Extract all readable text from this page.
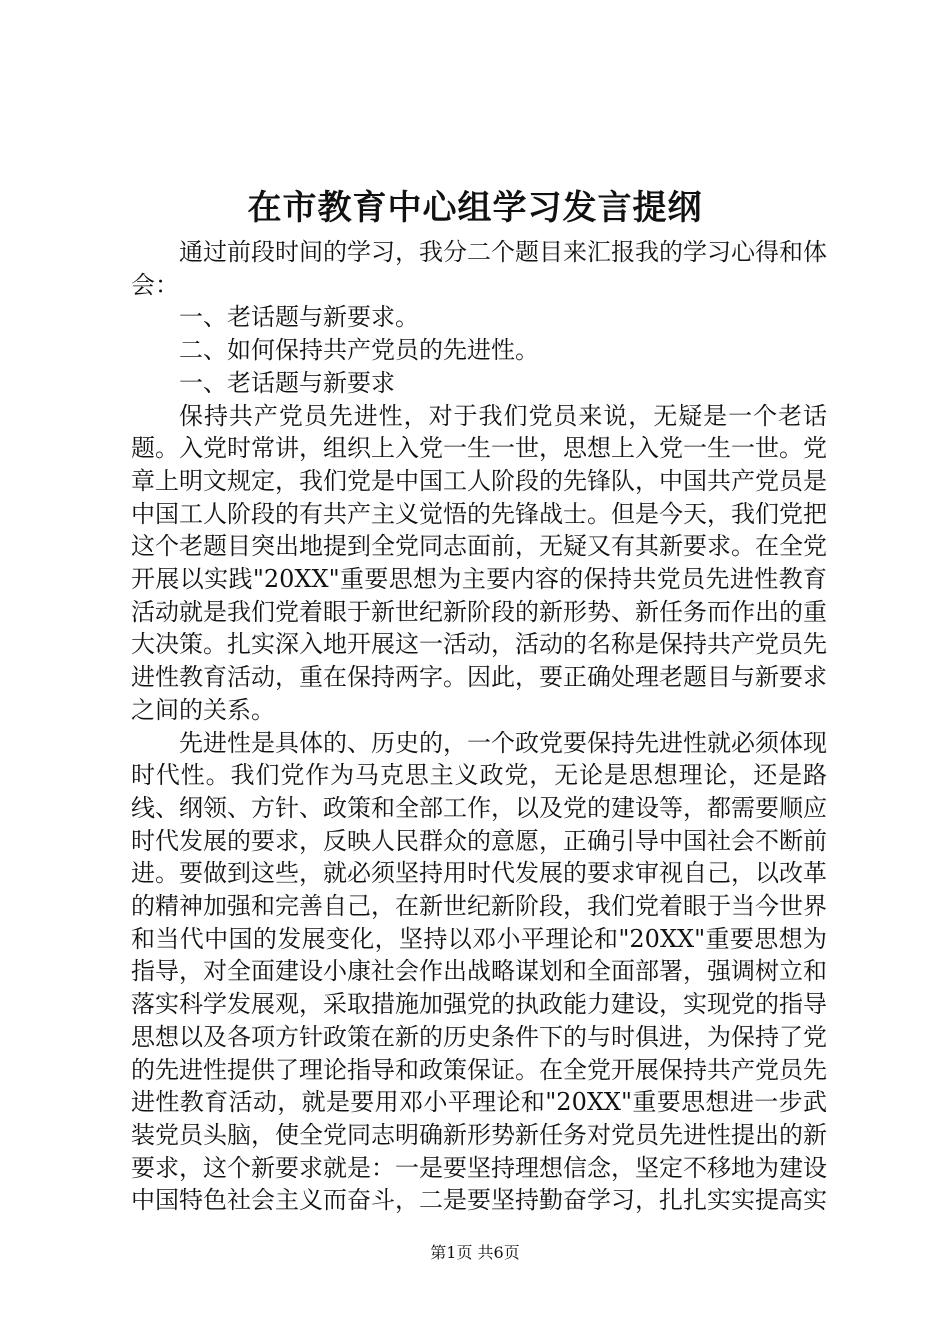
在市教育中心组学习发言提纲

通过前段时间的学习，我分二个题目来汇报我的学习心得和体会：

一、老话题与新要求。

二、如何保持共产党员的先进性。

一、老话题与新要求

保持共产党员先进性，对于我们党员来说，无疑是一个老话题。入党时常讲，组织上入党一生一世，思想上入党一生一世。党章上明文规定，我们党是中国工人阶段的先锋队，中国共产党员是中国工人阶段的有共产主义觉悟的先锋战士。但是今天，我们党把这个老题目突出地提到全党同志面前，无疑又有其新要求。在全党开展以实践"20XX"重要思想为主要内容的保持共党员先进性教育活动就是我们党着眼于新世纪新阶段的新形势、新任务而作出的重大决策。扎实深入地开展这一活动，活动的名称是保持共产党员先进性教育活动，重在保持两字。因此，要正确处理老题目与新要求之间的关系。

先进性是具体的、历史的，一个政党要保持先进性就必须体现时代性。我们党作为马克思主义政党，无论是思想理论，还是路线、纲领、方针、政策和全部工作，以及党的建设等，都需要顺应时代发展的要求，反映人民群众的意愿，正确引导中国社会不断前进。要做到这些，就必须坚持用时代发展的要求审视自己，以改革的精神加强和完善自己，在新世纪新阶段，我们党着眼于当今世界和当代中国的发展变化，坚持以邓小平理论和"20XX"重要思想为指导，对全面建设小康社会作出战略谋划和全面部署，强调树立和落实科学发展观，采取措施加强党的执政能力建设，实现党的指导思想以及各项方针政策在新的历史条件下的与时俱进，为保持了党的先进性提供了理论指导和政策保证。在全党开展保持共产党员先进性教育活动，就是要用邓小平理论和"20XX"重要思想进一步武装党员头脑，使全党同志明确新形势新任务对党员先进性提出的新要求，这个新要求就是：一是要坚持理想信念，坚定不移地为建设中国特色社会主义而奋斗，二是要坚持勤奋学习，扎扎实实提高实

第1页 共6页
